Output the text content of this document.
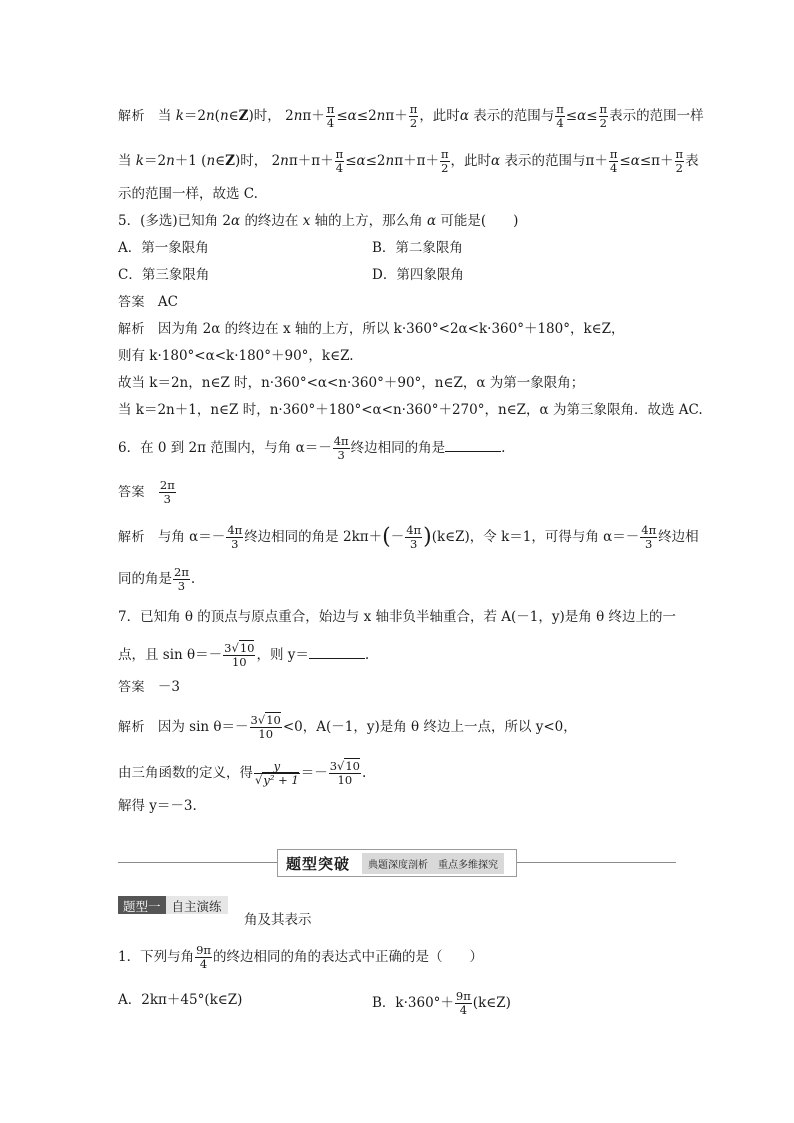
解析 当 k＝2n(n∈Z)时， $2n\pi+ \frac{\pi}{4} \le\alpha\le 2n\pi+ \frac{\pi}{2}$ ，此时α 表示的范围与 $\frac{\pi}{4} \le\alpha\le \frac{\pi}{2}$ 表示的范围一样
当 k＝2n＋1 (n∈Z)时， $2n\pi+\pi+ \frac{\pi}{4} \le\alpha\le 2n\pi+\pi+ \frac{\pi}{2}$ ，此时α 表示的范围与$\pi+ \frac{\pi}{4} \le\alpha\le\pi+ \frac{\pi}{2}$ 表
示的范围一样，故选 C.
5．(多选)已知角 2α 的终边在 x 轴的上方，那么角 α 可能是(　　)
A．第一象限角	B．第二象限角
C．第三象限角	D．第四象限角
答案 AC
解析 因为角 2α 的终边在 x 轴的上方，所以 k·360°<2α<k·360°＋180°，k∈Z，
则有 k·180°<α<k·180°＋90°，k∈Z.
故当 k＝2n，n∈Z 时，n·360°<α<n·360°＋90°，n∈Z，α 为第一象限角；
当 k＝2n＋1，n∈Z 时，n·360°＋180°<α<n·360°＋270°，n∈Z，α 为第三象限角．故选 AC.
6．在 0 到 2π 范围内，与角 $\alpha=- \frac{4\pi}{3}$ 终边相同的角是	.
答案 $\frac{2\pi}{3}$
解析 与角 $\alpha=- \frac{4\pi}{3}$ 终边相同的角是 $2k\pi+(- \frac{4\pi}{3}$ )(k∈Z)，令 k＝1，可得与角 $\alpha=- \frac{4\pi}{3}$ 终边相
同的角是 $\frac{2\pi}{3}$ .
7．已知角 θ 的顶点与原点重合，始边与 x 轴非负半轴重合，若 A(－1，y)是角 θ 终边上的一
点，且 $\sin \theta=- \frac{3√10}{10}$ ，则 y＝	.
答案 －3
解析 因为 $\sin \theta=- \frac{3√10}{10} <0$，A(－1，y)是角 θ 终边上一点，所以 y<0，
由三角函数的定义，得 $\frac{y}{\text{√y² + 1}} =- \frac{3√10}{10}$ .
解得 y＝－3.
题型突破	典题深度剖析　重点多维探究
题型一 自主演练
角及其表示
1．下列与角 $\frac{9\pi}{4}$ 的终边相同的角的表达式中正确的是（　　）
A．2kπ＋45°(k∈Z)	B．$k\cdot 360^\circ+ \frac{9\pi}{4}$ (k∈Z)
